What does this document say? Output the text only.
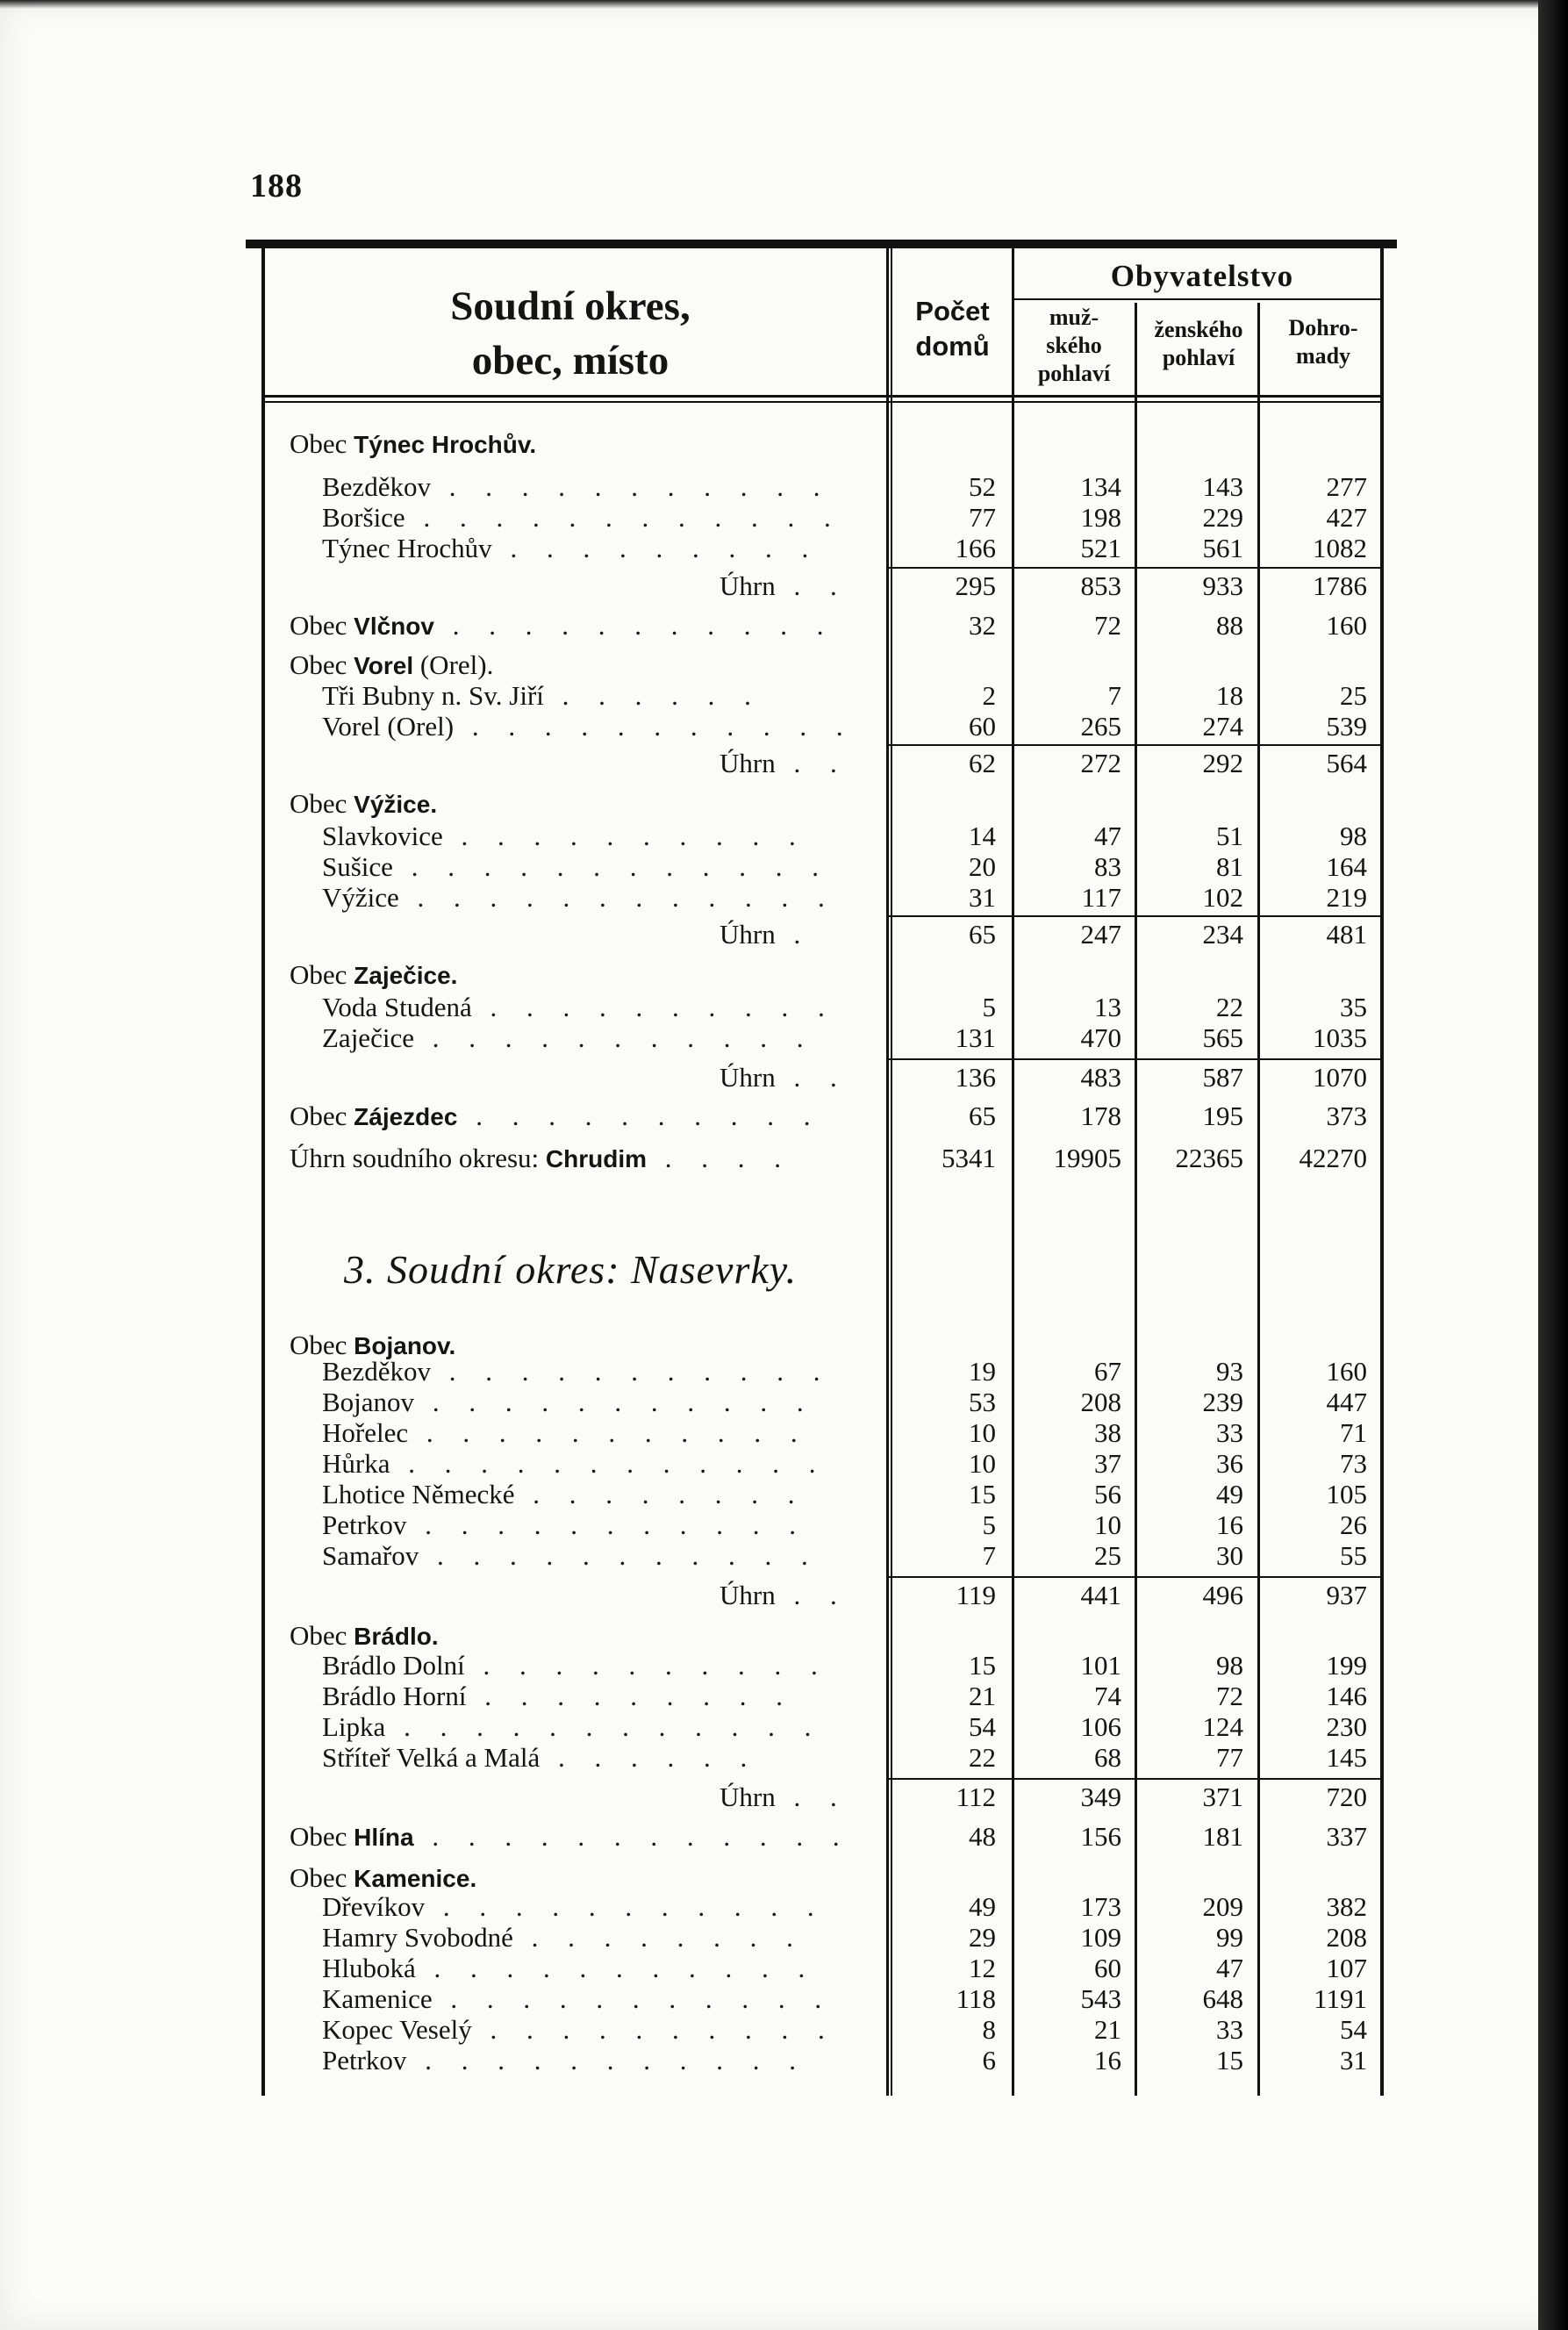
188
Soudní okres,
obec, místo
Počet
domů
Obyvatelstvo
muž-
ského
pohlaví
ženského
pohlaví
Dohro-
mady
Obec Týnec Hrochův.
Bezděkov . . . . . . . . . . .	52	134	143	277
Boršice . . . . . . . . . . . .	77	198	229	427
Týnec Hrochův . . . . . . . . .	166	521	561	1082
Úhrn . .	295	853	933	1786
Obec Vlčnov . . . . . . . . . . .	32	72	88	160
Obec Vorel (Orel).
Tři Bubny n. Sv. Jiří . . . . . .	2	7	18	25
Vorel (Orel) . . . . . . . . . . .	60	265	274	539
Úhrn . .	62	272	292	564
Obec Výžice.
Slavkovice . . . . . . . . . .	14	47	51	98
Sušice . . . . . . . . . . . .	20	83	81	164
Výžice . . . . . . . . . . . .	31	117	102	219
Úhrn .	65	247	234	481
Obec Zaječice.
Voda Studená . . . . . . . . . .	5	13	22	35
Zaječice . . . . . . . . . . .	131	470	565	1035
Úhrn . .	136	483	587	1070
Obec Zájezdec . . . . . . . . . .	65	178	195	373
Úhrn soudního okresu: Chrudim . . . .	5341	19905	22365	42270
3. Soudní okres: Nasevrky.
Obec Bojanov.
Bezděkov . . . . . . . . . . .	19	67	93	160
Bojanov . . . . . . . . . . .	53	208	239	447
Hořelec . . . . . . . . . . .	10	38	33	71
Hůrka . . . . . . . . . . . .	10	37	36	73
Lhotice Německé . . . . . . . .	15	56	49	105
Petrkov . . . . . . . . . . .	5	10	16	26
Samařov . . . . . . . . . . .	7	25	30	55
Úhrn . .	119	441	496	937
Obec Brádlo.
Brádlo Dolní . . . . . . . . . .	15	101	98	199
Brádlo Horní . . . . . . . . .	21	74	72	146
Lipka . . . . . . . . . . . .	54	106	124	230
Stříteř Velká a Malá . . . . . .	22	68	77	145
Úhrn . .	112	349	371	720
Obec Hlína . . . . . . . . . . . .	48	156	181	337
Obec Kamenice.
Dřevíkov . . . . . . . . . . .	49	173	209	382
Hamry Svobodné . . . . . . . .	29	109	99	208
Hluboká . . . . . . . . . . .	12	60	47	107
Kamenice . . . . . . . . . . .	118	543	648	1191
Kopec Veselý . . . . . . . . . .	8	21	33	54
Petrkov . . . . . . . . . . .	6	16	15	31
